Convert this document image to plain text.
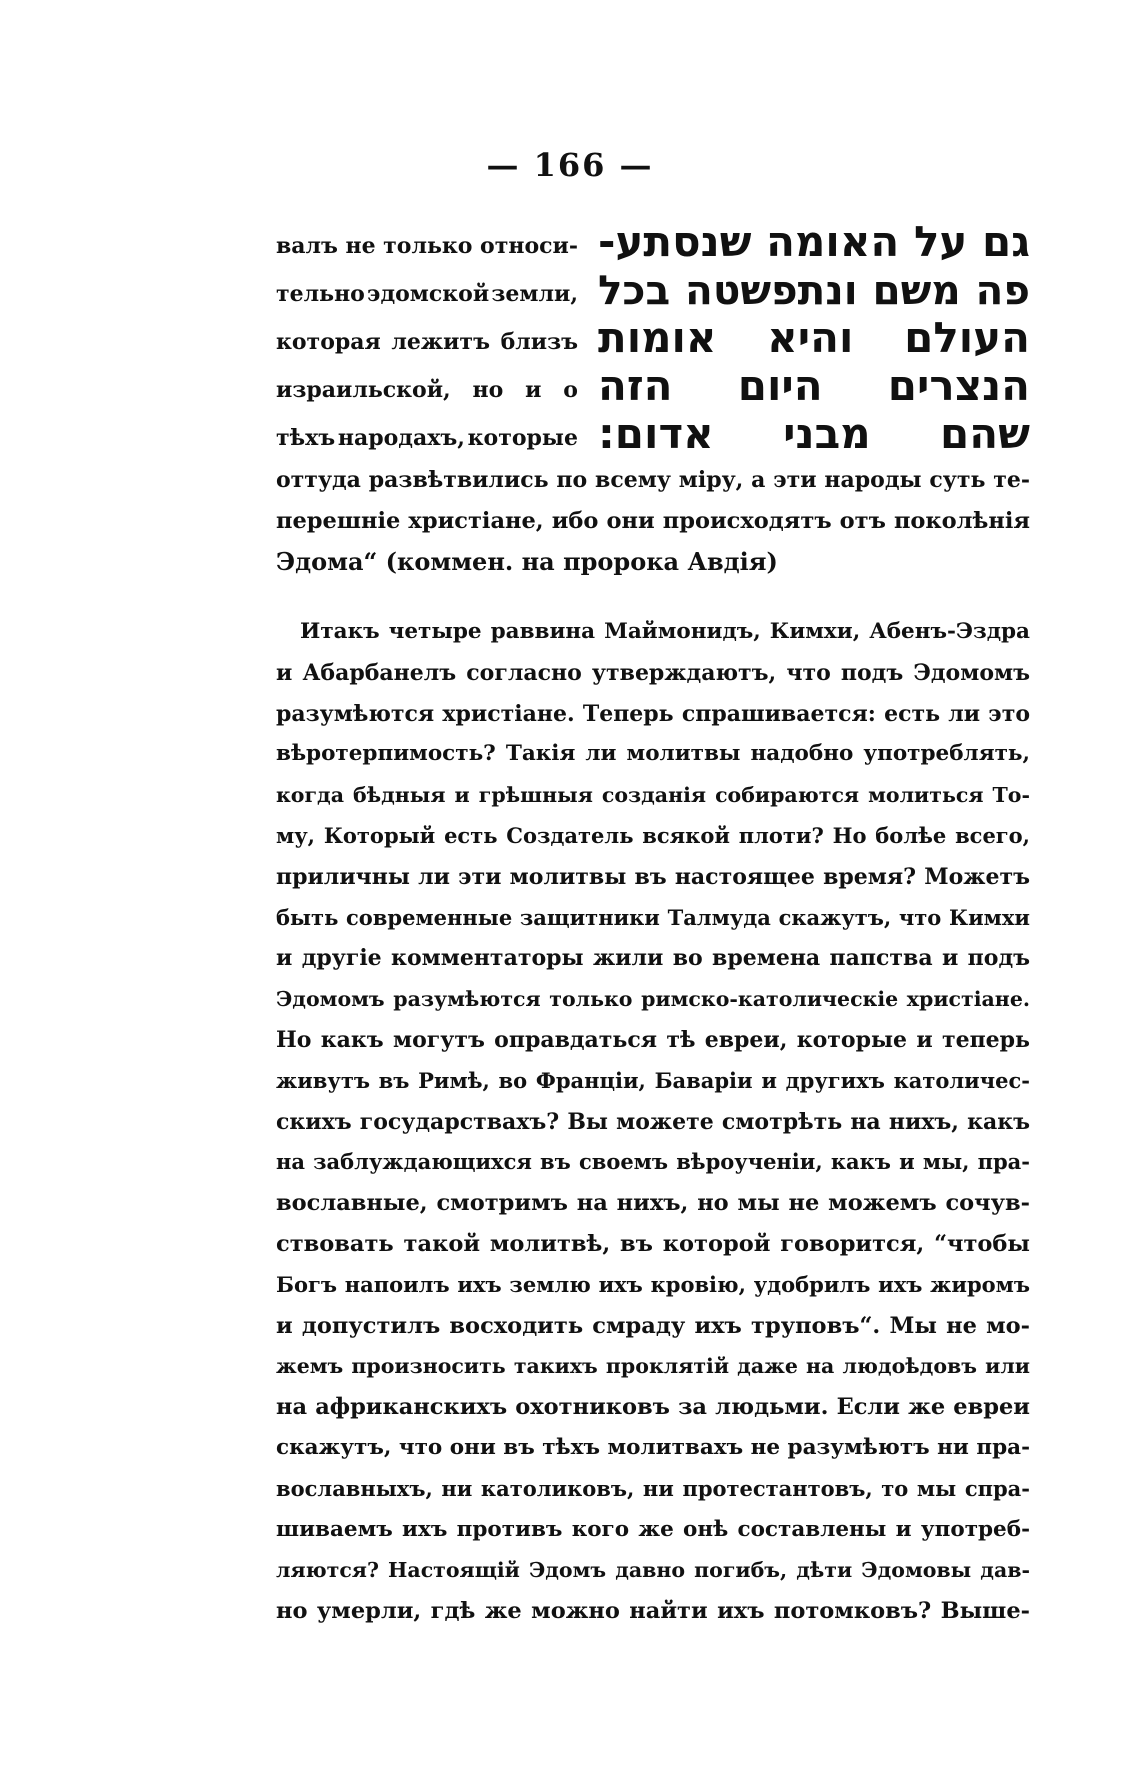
— 166 —
валъ не только относи-
тельно эдомской земли,
которая лежитъ близъ
израильской, но и о
тѣхъ народахъ, которые
גם על האומה שנסתע-
פה משם ונתפשטה בכל
העולם והיא אומות
הנצרים היום הזה
שהם מבני אדום:
оттуда развѣтвились по всему міру, а эти народы суть те-
перешніе христіане, ибо они происходятъ отъ поколѣнія
Эдома“ (коммен. на пророка Авдія)
Итакъ четыре раввина Маймонидъ, Кимхи, Абенъ-Эздра
и Абарбанелъ согласно утверждаютъ, что подъ Эдомомъ
разумѣются христіане. Теперь спрашивается: есть ли это
вѣротерпимость? Такія ли молитвы надобно употреблять,
когда бѣдныя и грѣшныя созданія собираются молиться То-
му, Который есть Создатель всякой плоти? Но болѣе всего,
приличны ли эти молитвы въ настоящее время? Можетъ
быть современные защитники Талмуда скажутъ, что Кимхи
и другіе комментаторы жили во времена папства и подъ
Эдомомъ разумѣются только римско-католическіе христіане.
Но какъ могутъ оправдаться тѣ евреи, которые и теперь
живутъ въ Римѣ, во Франціи, Баваріи и другихъ католичес-
скихъ государствахъ? Вы можете смотрѣть на нихъ, какъ
на заблуждающихся въ своемъ вѣроученіи, какъ и мы, пра-
вославные, смотримъ на нихъ, но мы не можемъ сочув-
ствовать такой молитвѣ, въ которой говорится, “чтобы
Богъ напоилъ ихъ землю ихъ кровію, удобрилъ ихъ жиромъ
и допустилъ восходить смраду ихъ труповъ“. Мы не мо-
жемъ произносить такихъ проклятій даже на людоѣдовъ или
на африканскихъ охотниковъ за людьми. Если же евреи
скажутъ, что они въ тѣхъ молитвахъ не разумѣютъ ни пра-
вославныхъ, ни католиковъ, ни протестантовъ, то мы спра-
шиваемъ ихъ противъ кого же онѣ составлены и употреб-
ляются? Настоящій Эдомъ давно погибъ, дѣти Эдомовы дав-
но умерли, гдѣ же можно найти ихъ потомковъ? Выше-
